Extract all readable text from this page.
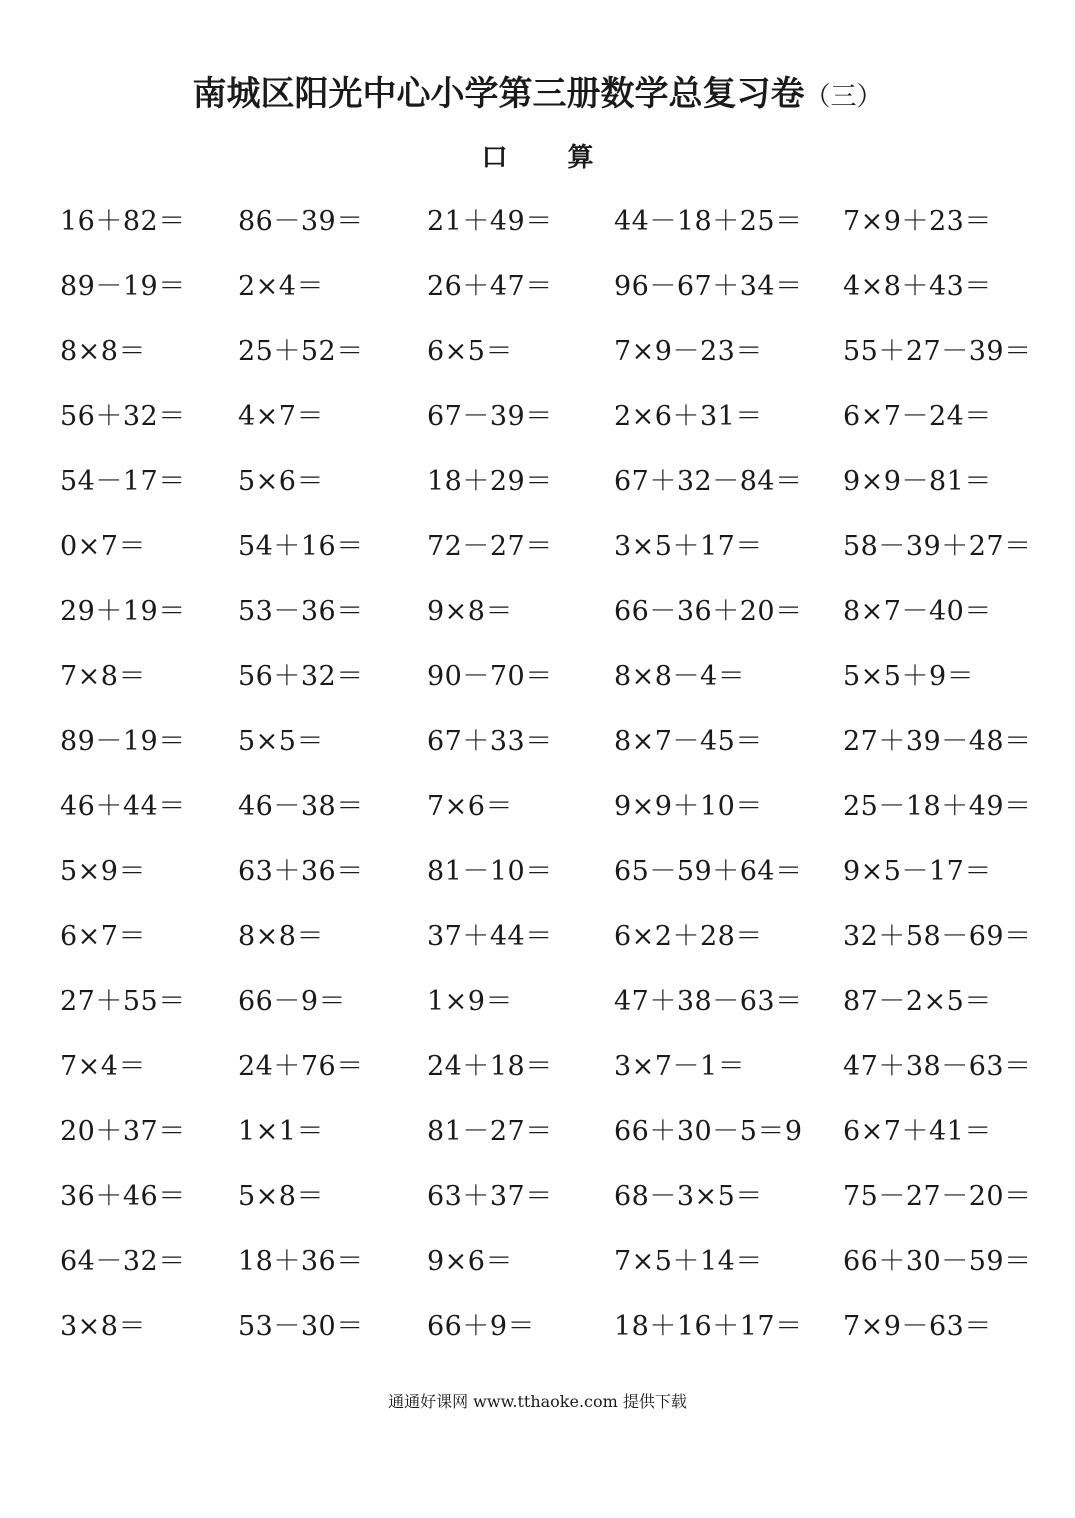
南城区阳光中心小学第三册数学总复习卷（三）
口 算
16＋82＝ 86－39＝ 21＋49＝ 44－18＋25＝ 7×9＋23＝
89－19＝ 2×4＝	26＋47＝ 96－67＋34＝ 4×8＋43＝
8×8＝	25＋52＝ 6×5＝	7×9－23＝	55＋27－39＝
56＋32＝ 4×7＝	67－39＝ 2×6＋31＝	6×7－24＝
54－17＝ 5×6＝	18＋29＝ 67＋32－84＝ 9×9－81＝
0×7＝	54＋16＝ 72－27＝ 3×5＋17＝	58－39＋27＝
29＋19＝ 53－36＝ 9×8＝	66－36＋20＝ 8×7－40＝
7×8＝	56＋32＝ 90－70＝ 8×8－4＝	5×5＋9＝
89－19＝ 5×5＝	67＋33＝ 8×7－45＝	27＋39－48＝
46＋44＝ 46－38＝ 7×6＝	9×9＋10＝	25－18＋49＝
5×9＝	63＋36＝ 81－10＝ 65－59＋64＝ 9×5－17＝
6×7＝	8×8＝	37＋44＝ 6×2＋28＝	32＋58－69＝
27＋55＝ 66－9＝	1×9＝	47＋38－63＝ 87－2×5＝
7×4＝	24＋76＝ 24＋18＝ 3×7－1＝	47＋38－63＝
20＋37＝ 1×1＝	81－27＝ 66＋30－5＝9 6×7＋41＝
36＋46＝ 5×8＝	63＋37＝ 68－3×5＝	75－27－20＝
64－32＝ 18＋36＝ 9×6＝	7×5＋14＝	66＋30－59＝
3×8＝	53－30＝ 66＋9＝	18＋16＋17＝ 7×9－63＝
通通好课网 www.tthaoke.com 提供下载
